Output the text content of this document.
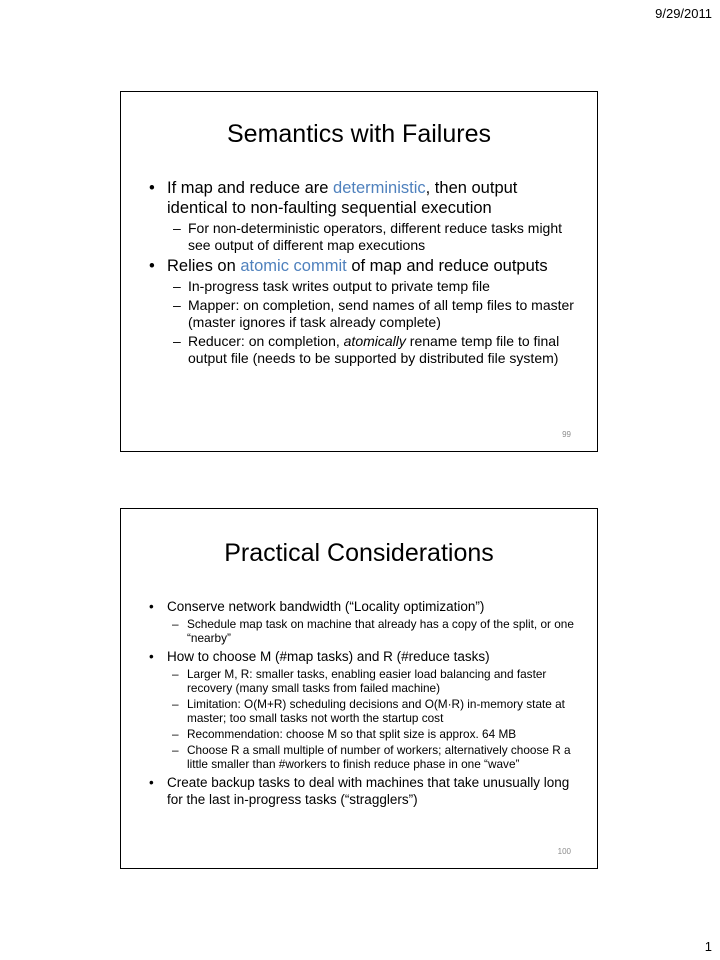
9/29/2011
Semantics with Failures
• If map and reduce are deterministic, then output identical to non-faulting sequential execution
– For non-deterministic operators, different reduce tasks might see output of different map executions
• Relies on atomic commit of map and reduce outputs
– In-progress task writes output to private temp file
– Mapper: on completion, send names of all temp files to master (master ignores if task already complete)
– Reducer: on completion, atomically rename temp file to final output file (needs to be supported by distributed file system)
99
Practical Considerations
• Conserve network bandwidth (“Locality optimization”)
– Schedule map task on machine that already has a copy of the split, or one “nearby”
• How to choose M (#map tasks) and R (#reduce tasks)
– Larger M, R: smaller tasks, enabling easier load balancing and faster recovery (many small tasks from failed machine)
– Limitation: O(M+R) scheduling decisions and O(M·R) in-memory state at master; too small tasks not worth the startup cost
– Recommendation: choose M so that split size is approx. 64 MB
– Choose R a small multiple of number of workers; alternatively choose R a little smaller than #workers to finish reduce phase in one “wave”
• Create backup tasks to deal with machines that take unusually long for the last in-progress tasks (“stragglers”)
100
1
